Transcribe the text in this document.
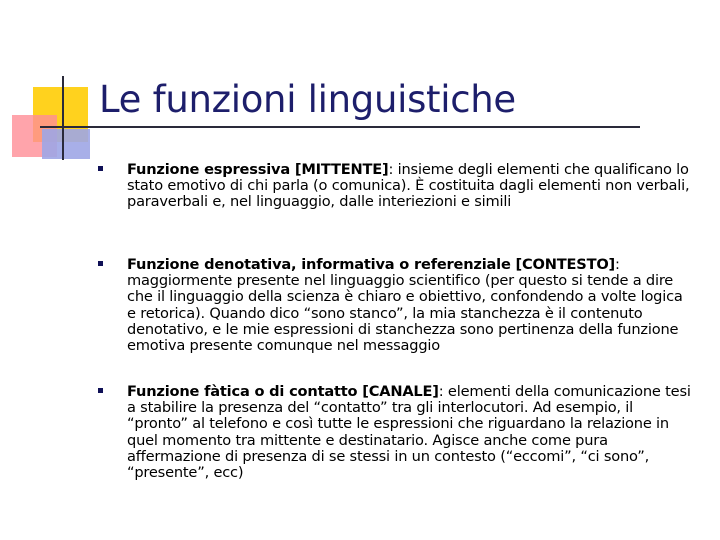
Le funzioni linguistiche
Funzione espressiva [MITTENTE]: insieme degli elementi che qualificano lo stato emotivo di chi parla (o comunica). È costituita dagli elementi non verbali, paraverbali e, nel linguaggio, dalle interiezioni e simili
Funzione denotativa, informativa o referenziale [CONTESTO]: maggiormente presente nel linguaggio scientifico (per questo si tende a dire che il linguaggio della scienza è chiaro e obiettivo, confondendo a volte logica e retorica). Quando dico “sono stanco”, la mia stanchezza è il contenuto denotativo, e le mie espressioni di stanchezza sono pertinenza della funzione emotiva presente comunque nel messaggio
Funzione fàtica o di contatto [CANALE]: elementi della comunicazione tesi a stabilire la presenza del “contatto” tra gli interlocutori. Ad esempio, il “pronto” al telefono e così tutte le espressioni che riguardano la relazione in quel momento tra mittente e destinatario. Agisce anche come pura affermazione di presenza di se stessi in un contesto (“eccomi”, “ci sono”, “presente”, ecc)
